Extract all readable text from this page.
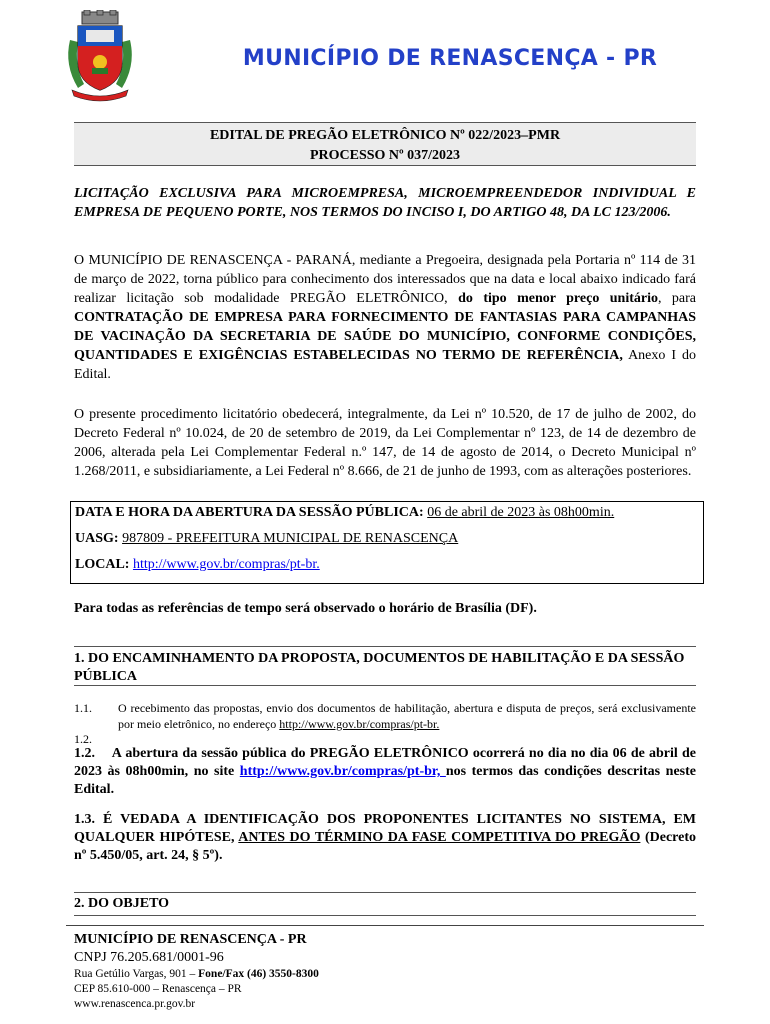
MUNICÍPIO DE RENASCENÇA - PR
EDITAL DE PREGÃO ELETRÔNICO Nº 022/2023–PMR
PROCESSO Nº 037/2023
LICITAÇÃO EXCLUSIVA PARA MICROEMPRESA, MICROEMPREENDEDOR INDIVIDUAL E EMPRESA DE PEQUENO PORTE, NOS TERMOS DO INCISO I, DO ARTIGO 48, DA LC 123/2006.
O MUNICÍPIO DE RENASCENÇA - PARANÁ, mediante a Pregoeira, designada pela Portaria nº 114 de 31 de março de 2022, torna público para conhecimento dos interessados que na data e local abaixo indicado fará realizar licitação sob modalidade PREGÃO ELETRÔNICO, do tipo menor preço unitário, para CONTRATAÇÃO DE EMPRESA PARA FORNECIMENTO DE FANTASIAS PARA CAMPANHAS DE VACINAÇÃO DA SECRETARIA DE SAÚDE DO MUNICÍPIO, CONFORME CONDIÇÕES, QUANTIDADES E EXIGÊNCIAS ESTABELECIDAS NO TERMO DE REFERÊNCIA, Anexo I do Edital.
O presente procedimento licitatório obedecerá, integralmente, da Lei nº 10.520, de 17 de julho de 2002, do Decreto Federal nº 10.024, de 20 de setembro de 2019, da Lei Complementar nº 123, de 14 de dezembro de 2006, alterada pela Lei Complementar Federal n.º 147, de 14 de agosto de 2014, o Decreto Municipal nº 1.268/2011, e subsidiariamente, a Lei Federal nº 8.666, de 21 de junho de 1993, com as alterações posteriores.
DATA E HORA DA ABERTURA DA SESSÃO PÚBLICA: 06 de abril de 2023 às 08h00min.
UASG: 987809 - PREFEITURA MUNICIPAL DE RENASCENÇA
LOCAL: http://www.gov.br/compras/pt-br.
Para todas as referências de tempo será observado o horário de Brasília (DF).
1. DO ENCAMINHAMENTO DA PROPOSTA, DOCUMENTOS DE HABILITAÇÃO E DA SESSÃO PÚBLICA
1.1. O recebimento das propostas, envio dos documentos de habilitação, abertura e disputa de preços, será exclusivamente por meio eletrônico, no endereço http://www.gov.br/compras/pt-br.
1.2.
1.2. A abertura da sessão pública do PREGÃO ELETRÔNICO ocorrerá no dia no dia 06 de abril de 2023 às 08h00min, no site http://www.gov.br/compras/pt-br, nos termos das condições descritas neste Edital.
1.3. É VEDADA A IDENTIFICAÇÃO DOS PROPONENTES LICITANTES NO SISTEMA, EM QUALQUER HIPÓTESE, ANTES DO TÉRMINO DA FASE COMPETITIVA DO PREGÃO (Decreto nº 5.450/05, art. 24, § 5º).
2. DO OBJETO
MUNICÍPIO DE RENASCENÇA - PR
CNPJ 76.205.681/0001-96
Rua Getúlio Vargas, 901 – Fone/Fax (46) 3550-8300
CEP 85.610-000 – Renascença – PR
www.renascenca.pr.gov.br
